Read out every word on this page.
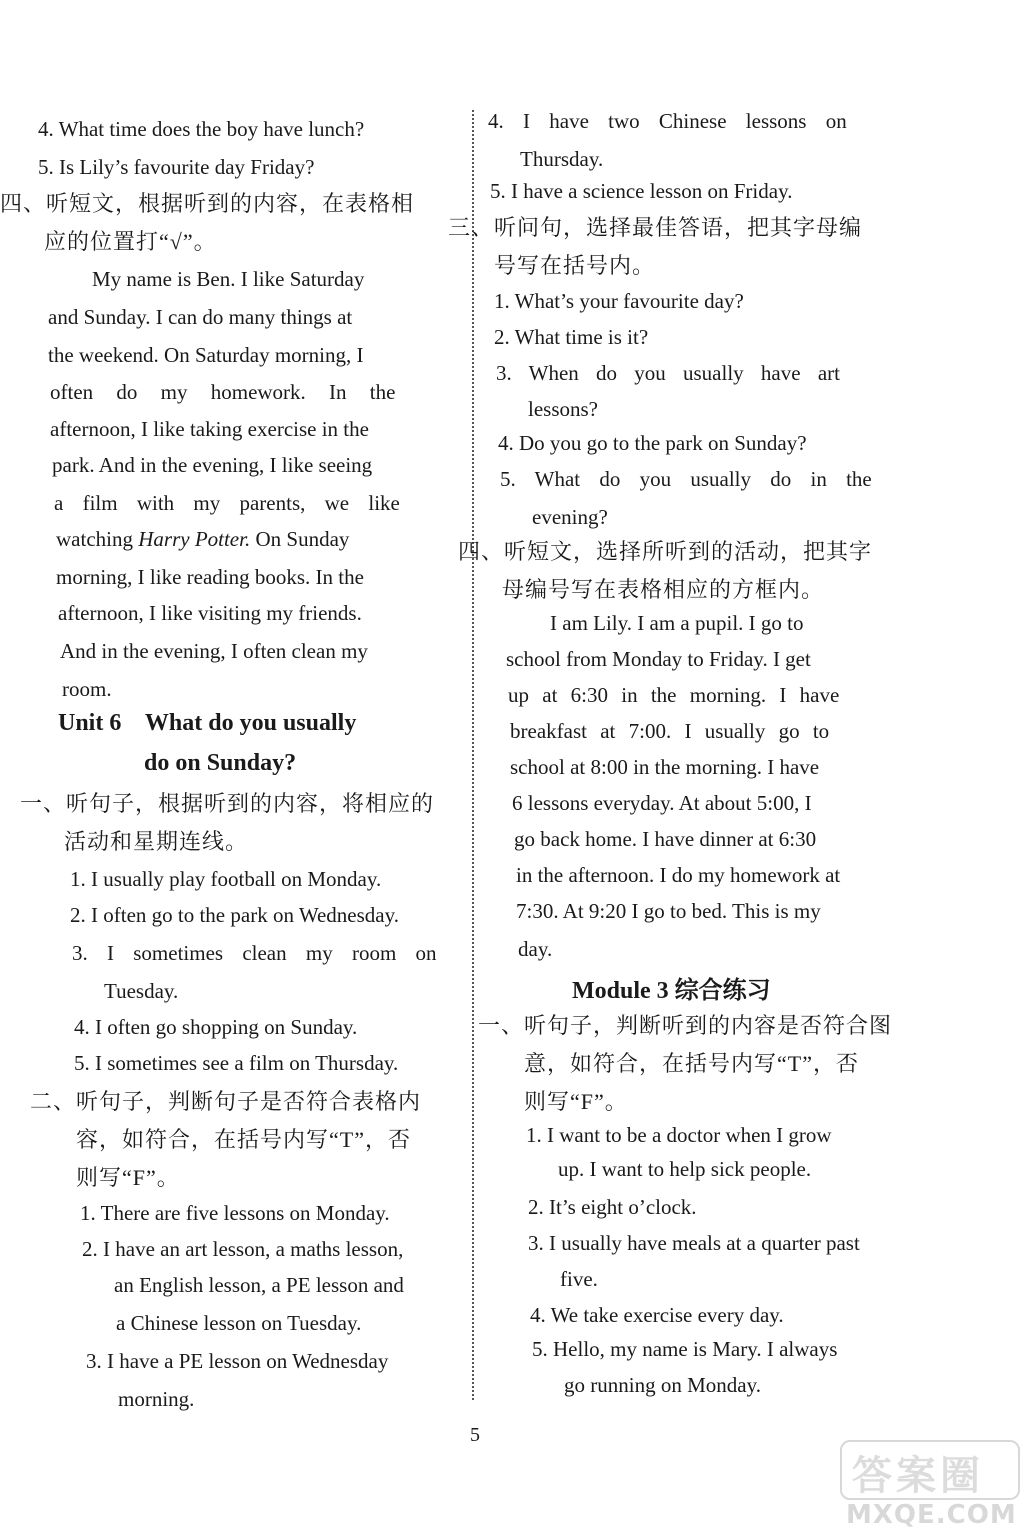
4. What time does the boy have lunch?
5. Is Lily’s favourite day Friday?
四、听短文，根据听到的内容，在表格相
应的位置打“√”。
My name is Ben. I like Saturday
and Sunday. I can do many things at
the weekend. On Saturday morning, I
often do my homework. In the
afternoon, I like taking exercise in the
park. And in the evening, I like seeing
a film with my parents, we like
watching Harry Potter. On Sunday
morning, I like reading books. In the
afternoon, I like visiting my friends.
And in the evening, I often clean my
room.
Unit 6    What do you usually
do on Sunday?
一、听句子，根据听到的内容，将相应的
活动和星期连线。
1. I usually play football on Monday.
2. I often go to the park on Wednesday.
3. I sometimes clean my room on
Tuesday.
4. I often go shopping on Sunday.
5. I sometimes see a film on Thursday.
二、听句子，判断句子是否符合表格内
容，如符合，在括号内写“T”，否
则写“F”。
1. There are five lessons on Monday.
2. I have an art lesson, a maths lesson,
an English lesson, a PE lesson and
a Chinese lesson on Tuesday.
3. I have a PE lesson on Wednesday
morning.
4. I have two Chinese lessons on
Thursday.
5. I have a science lesson on Friday.
三、听问句，选择最佳答语，把其字母编
号写在括号内。
1. What’s your favourite day?
2. What time is it?
3. When do you usually have art
lessons?
4. Do you go to the park on Sunday?
5. What do you usually do in the
evening?
四、听短文，选择所听到的活动，把其字
母编号写在表格相应的方框内。
I am Lily. I am a pupil. I go to
school from Monday to Friday. I get
up at 6:30 in the morning. I have
breakfast at 7:00. I usually go to
school at 8:00 in the morning. I have
6 lessons everyday. At about 5:00, I
go back home. I have dinner at 6:30
in the afternoon. I do my homework at
7:30. At 9:20 I go to bed. This is my
day.
Module 3 综合练习
一、听句子，判断听到的内容是否符合图
意，如符合，在括号内写“T”，否
则写“F”。
1. I want to be a doctor when I grow
up. I want to help sick people.
2. It’s eight o’clock.
3. I usually have meals at a quarter past
five.
4. We take exercise every day.
5. Hello, my name is Mary. I always
go running on Monday.
5
答案圈
MXQE.COM
